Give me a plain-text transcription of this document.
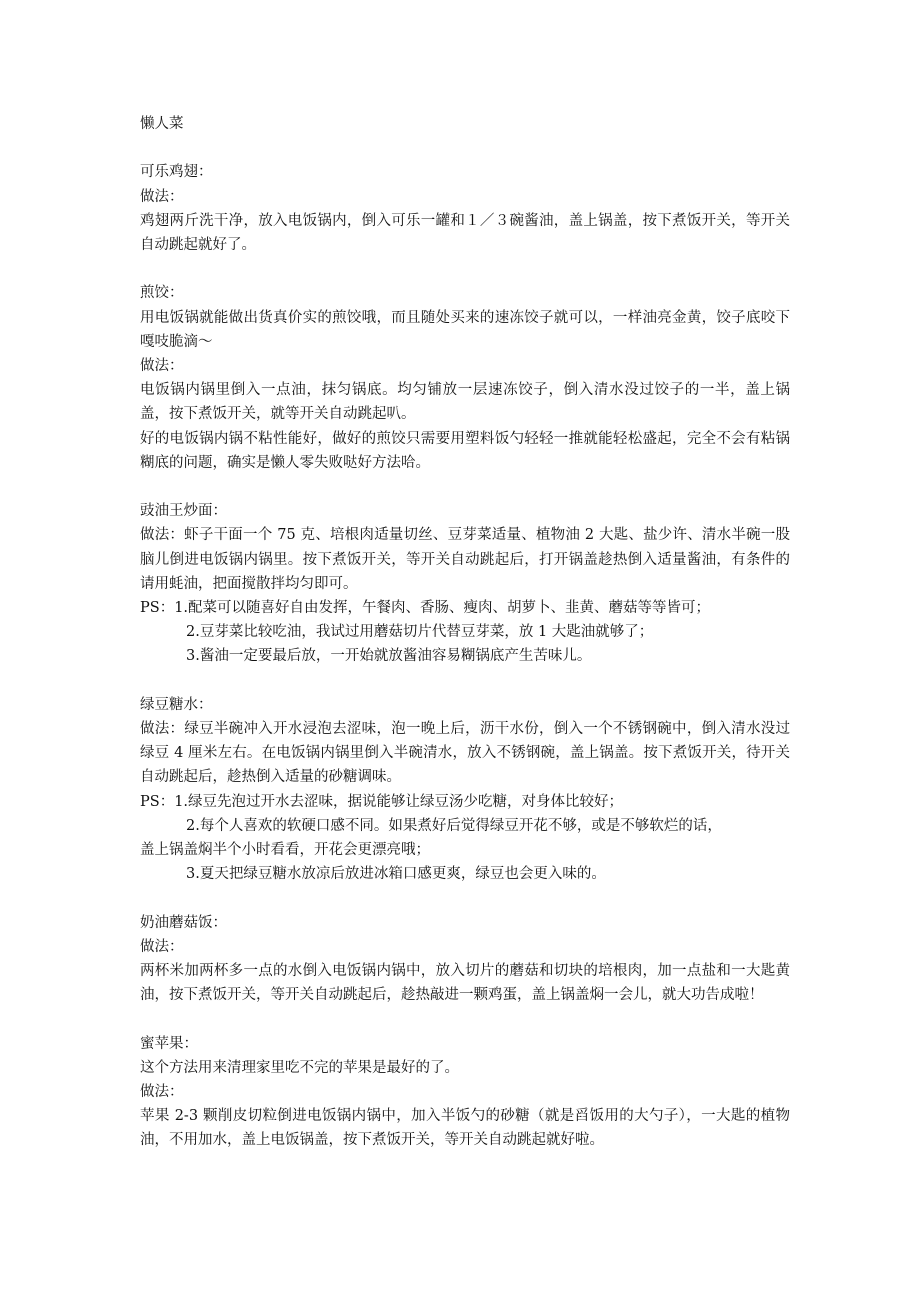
懒人菜

可乐鸡翅：

做法：

鸡翅两斤洗干净，放入电饭锅内，倒入可乐一罐和１／３碗酱油，盖上锅盖，按下煮饭开关，等开关自动跳起就好了。

煎饺：

用电饭锅就能做出货真价实的煎饺哦，而且随处买来的速冻饺子就可以，一样油亮金黄，饺子底咬下嘎吱脆滴～

做法：

电饭锅内锅里倒入一点油，抹匀锅底。均匀铺放一层速冻饺子，倒入清水没过饺子的一半，盖上锅盖，按下煮饭开关，就等开关自动跳起叭。

好的电饭锅内锅不粘性能好，做好的煎饺只需要用塑料饭勺轻轻一推就能轻松盛起，完全不会有粘锅糊底的问题，确实是懒人零失败哒好方法哈。

豉油王炒面：

做法：虾子干面一个 75 克、培根肉适量切丝、豆芽菜适量、植物油 2 大匙、盐少许、清水半碗一股脑儿倒进电饭锅内锅里。按下煮饭开关，等开关自动跳起后，打开锅盖趁热倒入适量酱油，有条件的请用蚝油，把面搅散拌均匀即可。

PS：1.配菜可以随喜好自由发挥，午餐肉、香肠、瘦肉、胡萝卜、韭黄、蘑菇等等皆可；

2.豆芽菜比较吃油，我试过用蘑菇切片代替豆芽菜，放 1 大匙油就够了；

3.酱油一定要最后放，一开始就放酱油容易糊锅底产生苦味儿。

绿豆糖水：

做法：绿豆半碗冲入开水浸泡去涩味，泡一晚上后，沥干水份，倒入一个不锈钢碗中，倒入清水没过绿豆 4 厘米左右。在电饭锅内锅里倒入半碗清水，放入不锈钢碗，盖上锅盖。按下煮饭开关，待开关自动跳起后，趁热倒入适量的砂糖调味。

PS：1.绿豆先泡过开水去涩味，据说能够让绿豆汤少吃糖，对身体比较好；

2.每个人喜欢的软硬口感不同。如果煮好后觉得绿豆开花不够，或是不够软烂的话，

盖上锅盖焖半个小时看看，开花会更漂亮哦；

3.夏天把绿豆糖水放凉后放进冰箱口感更爽，绿豆也会更入味的。

奶油蘑菇饭：

做法：

两杯米加两杯多一点的水倒入电饭锅内锅中，放入切片的蘑菇和切块的培根肉，加一点盐和一大匙黄油，按下煮饭开关，等开关自动跳起后，趁热敲进一颗鸡蛋，盖上锅盖焖一会儿，就大功告成啦！

蜜苹果：

这个方法用来清理家里吃不完的苹果是最好的了。

做法：

苹果 2-3 颗削皮切粒倒进电饭锅内锅中，加入半饭勺的砂糖（就是舀饭用的大勺子），一大匙的植物油，不用加水，盖上电饭锅盖，按下煮饭开关，等开关自动跳起就好啦。
